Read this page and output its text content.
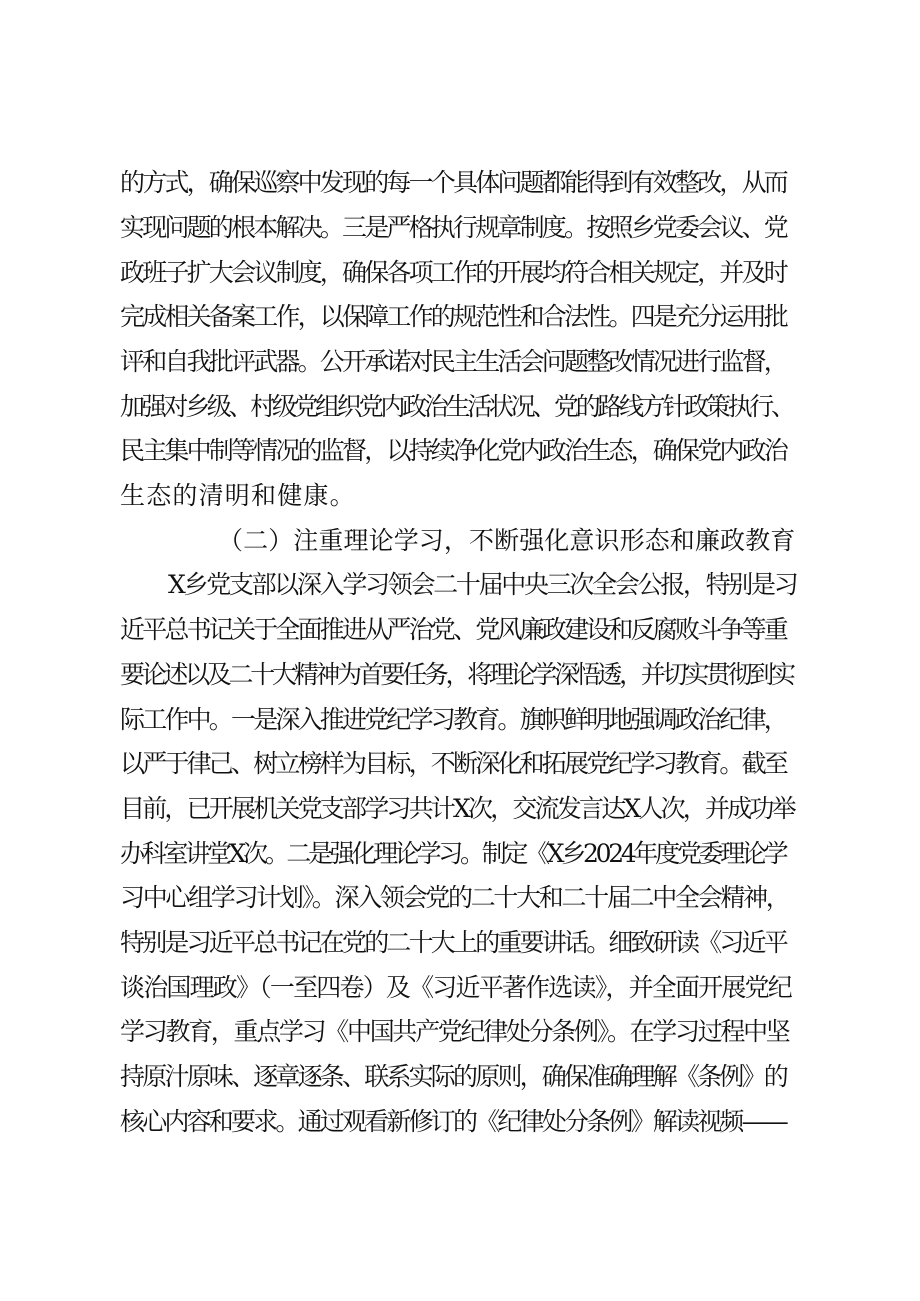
的方式，确保巡察中发现的每一个具体问题都能得到有效整改，从而
实现问题的根本解决。三是严格执行规章制度。按照乡党委会议、党
政班子扩大会议制度，确保各项工作的开展均符合相关规定，并及时
完成相关备案工作，以保障工作的规范性和合法性。四是充分运用批
评和自我批评武器。公开承诺对民主生活会问题整改情况进行监督，
加强对乡级、村级党组织党内政治生活状况、党的路线方针政策执行、
民主集中制等情况的监督，以持续净化党内政治生态，确保党内政治
生态的清明和健康。
（二）注重理论学习，不断强化意识形态和廉政教育
X乡党支部以深入学习领会二十届中央三次全会公报，特别是习
近平总书记关于全面推进从严治党、党风廉政建设和反腐败斗争等重
要论述以及二十大精神为首要任务，将理论学深悟透，并切实贯彻到实
际工作中。一是深入推进党纪学习教育。旗帜鲜明地强调政治纪律，
以严于律己、树立榜样为目标，不断深化和拓展党纪学习教育。截至
目前，已开展机关党支部学习共计X次，交流发言达X人次，并成功举
办科室讲堂X次。二是强化理论学习。制定《X乡2024年度党委理论学
习中心组学习计划》。深入领会党的二十大和二十届二中全会精神，
特别是习近平总书记在党的二十大上的重要讲话。细致研读《习近平
谈治国理政》（一至四卷）及《习近平著作选读》，并全面开展党纪
学习教育，重点学习《中国共产党纪律处分条例》。在学习过程中坚
持原汁原味、逐章逐条、联系实际的原则，确保准确理解《条例》的
核心内容和要求。通过观看新修订的《纪律处分条例》解读视频——
